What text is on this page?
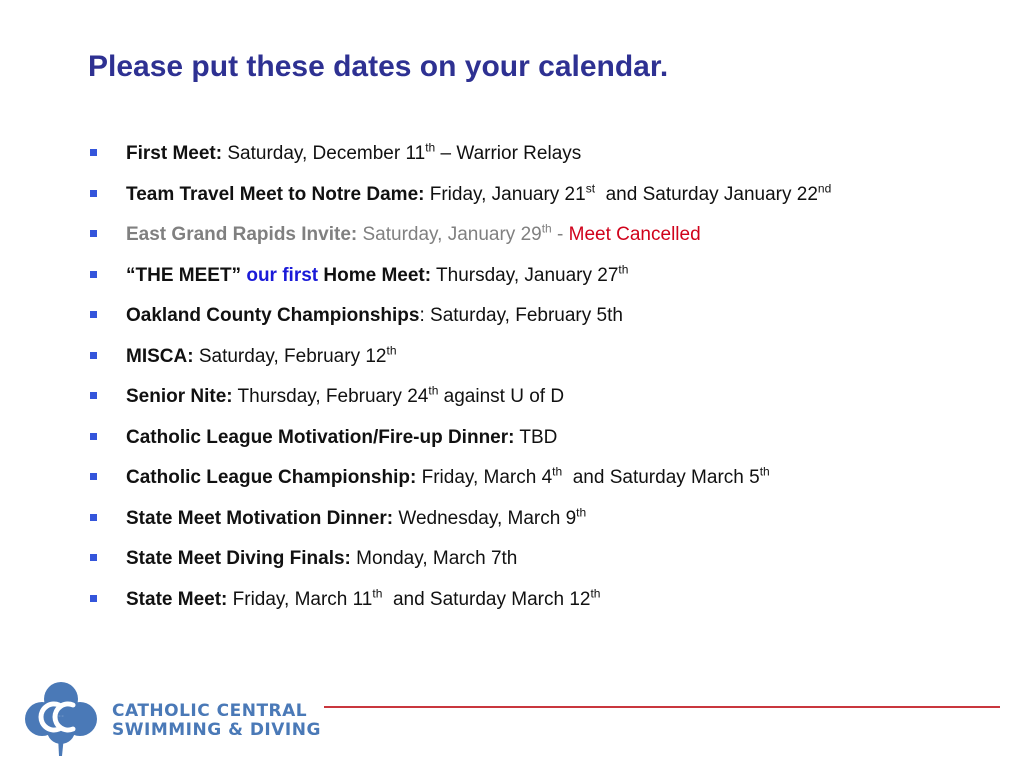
Please put these dates on your calendar.
First Meet: Saturday, December 11th – Warrior Relays
Team Travel Meet to Notre Dame: Friday, January 21st  and Saturday January 22nd
East Grand Rapids Invite: Saturday, January 29th - Meet Cancelled
“THE MEET” our first Home Meet: Thursday, January 27th
Oakland County Championships: Saturday, February 5th
MISCA: Saturday, February 12th
Senior Nite: Thursday, February 24th against U of D
Catholic League Motivation/Fire-up Dinner: TBD
Catholic League Championship: Friday, March 4th  and Saturday March 5th
State Meet Motivation Dinner: Wednesday, March 9th
State Meet Diving Finals: Monday, March 7th
State Meet: Friday, March 11th  and Saturday March 12th
CATHOLIC CENTRAL
SWIMMING & DIVING
